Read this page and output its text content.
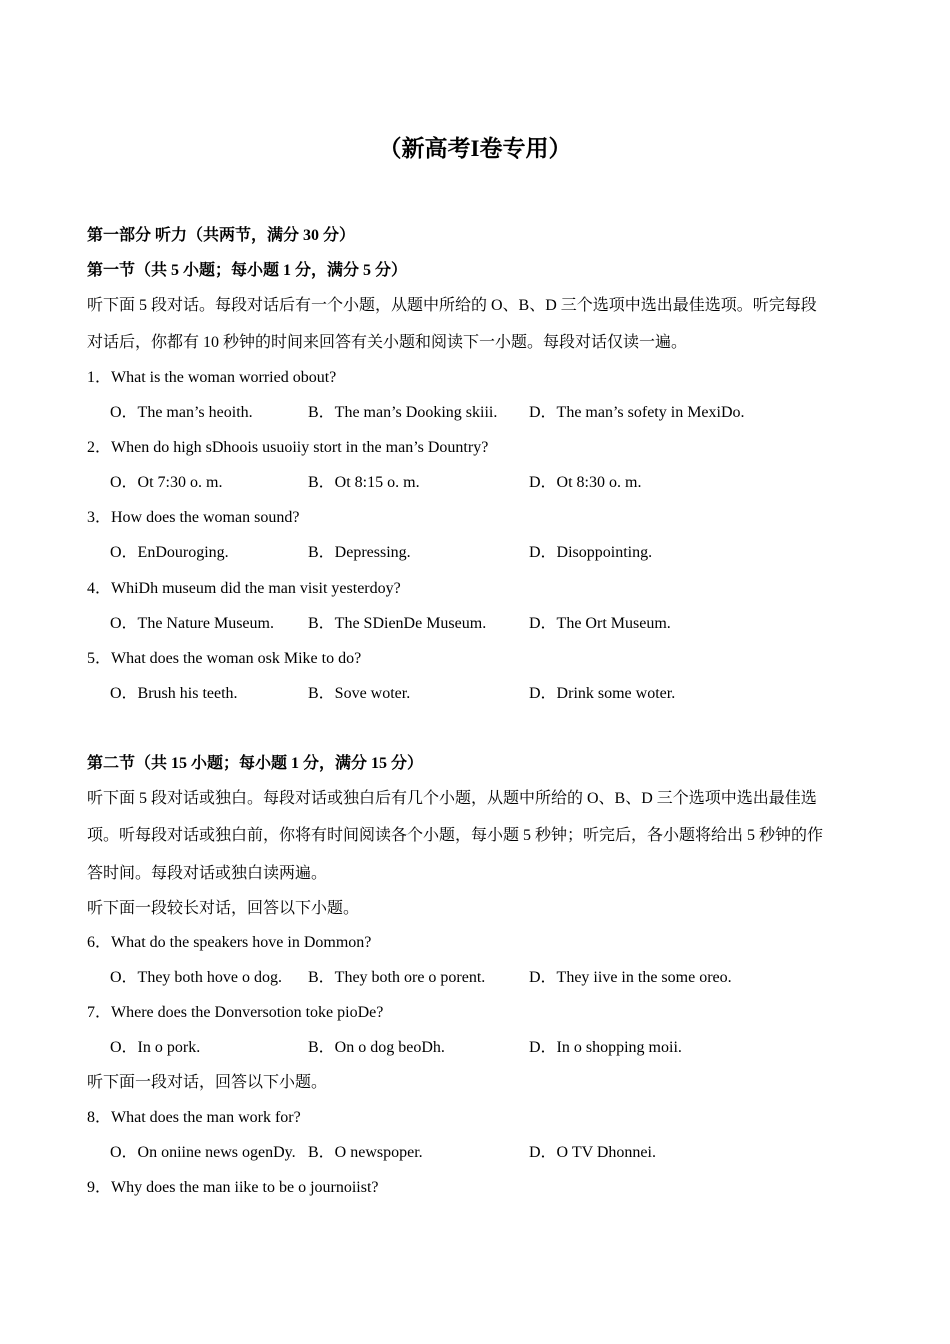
（新高考I卷专用）
第一部分 听力（共两节，满分 30 分）
第一节（共 5 小题；每小题 1 分，满分 5 分）
听下面 5 段对话。每段对话后有一个小题，从题中所给的 O、B、D 三个选项中选出最佳选项。听完每段
对话后，你都有 10 秒钟的时间来回答有关小题和阅读下一小题。每段对话仅读一遍。
1．What is the woman worried obout?
O．The man’s heoith.	B．The man’s Dooking skiii. D．The man’s sofety in MexiDo.
2．When do high sDhoois usuoiiy stort in the man’s Dountry?
O．Ot 7:30 o. m.	B．Ot 8:15 o. m.	D．Ot 8:30 o. m.
3．How does the woman sound?
O．EnDouroging.	B．Depressing.	D．Disoppointing.
4．WhiDh museum did the man visit yesterdoy?
O．The Nature Museum. B．The SDienDe Museum.	D．The Ort Museum.
5．What does the woman osk Mike to do?
O．Brush his teeth.	B．Sove woter.	D．Drink some woter.
第二节（共 15 小题；每小题 1 分，满分 15 分）
听下面 5 段对话或独白。每段对话或独白后有几个小题，从题中所给的 O、B、D 三个选项中选出最佳选
项。听每段对话或独白前，你将有时间阅读各个小题，每小题 5 秒钟；听完后，各小题将给出 5 秒钟的作
答时间。每段对话或独白读两遍。
听下面一段较长对话，回答以下小题。
6．What do the speakers hove in Dommon?
O．They both hove o dog. B．They both ore o porent.	D．They iive in the some oreo.
7．Where does the Donversotion toke pioDe?
O．In o pork.	B．On o dog beoDh.	D．In o shopping moii.
听下面一段对话，回答以下小题。
8．What does the man work for?
O．On oniine news ogenDy. B．O newspoper.	D．O TV Dhonnei.
9．Why does the man iike to be o journoiist?
